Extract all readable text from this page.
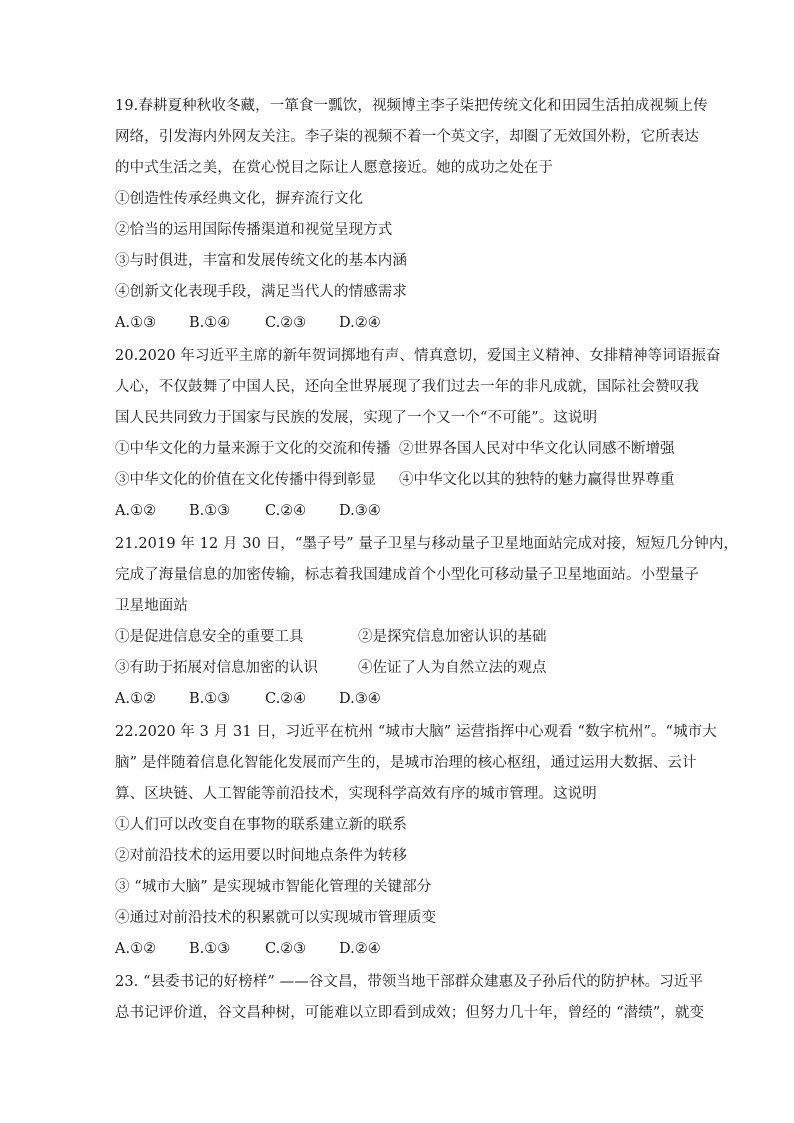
19.春耕夏种秋收冬藏，一箪食一瓢饮，视频博主李子柒把传统文化和田园生活拍成视频上传
网络，引发海内外网友关注。李子柒的视频不着一个英文字，却圈了无效国外粉，它所表达
的中式生活之美，在赏心悦目之际让人愿意接近。她的成功之处在于
①创造性传承经典文化，摒弃流行文化
②恰当的运用国际传播渠道和视觉呈现方式
③与时俱进，丰富和发展传统文化的基本内涵
④创新文化表现手段，满足当代人的情感需求
A.①③ B.①④ C.②③ D.②④
20.2020 年习近平主席的新年贺词掷地有声、情真意切，爱国主义精神、女排精神等词语振奋
人心，不仅鼓舞了中国人民，还向全世界展现了我们过去一年的非凡成就，国际社会赞叹我
国人民共同致力于国家与民族的发展，实现了一个又一个“不可能”。这说明
①中华文化的力量来源于文化的交流和传播 ②世界各国人民对中华文化认同感不断增强
③中华文化的价值在文化传播中得到彰显 ④中华文化以其的独特的魅力赢得世界尊重
A.①② B.①③ C.②④ D.③④
21.2019 年 12 月 30 日，“墨子号” 量子卫星与移动量子卫星地面站完成对接，短短几分钟内，
完成了海量信息的加密传输，标志着我国建成首个小型化可移动量子卫星地面站。小型量子
卫星地面站
①是促进信息安全的重要工具	②是探究信息加密认识的基础
③有助于拓展对信息加密的认识	④佐证了人为自然立法的观点
A.①② B.①③ C.②④ D.③④
22.2020 年 3 月 31 日，习近平在杭州 “城市大脑” 运营指挥中心观看 “数字杭州”。“城市大
脑” 是伴随着信息化智能化发展而产生的，是城市治理的核心枢纽，通过运用大数据、云计
算、区块链、人工智能等前沿技术，实现科学高效有序的城市管理。这说明
①人们可以改变自在事物的联系建立新的联系
②对前沿技术的运用要以时间地点条件为转移
③ “城市大脑” 是实现城市智能化管理的关键部分
④通过对前沿技术的积累就可以实现城市管理质变
A.①② B.①③ C.②③ D.②④
23. “县委书记的好榜样” ——谷文昌，带领当地干部群众建惠及子孙后代的防护林。习近平
总书记评价道，谷文昌种树，可能难以立即看到成效；但努力几十年，曾经的 “潜绩”，就变
